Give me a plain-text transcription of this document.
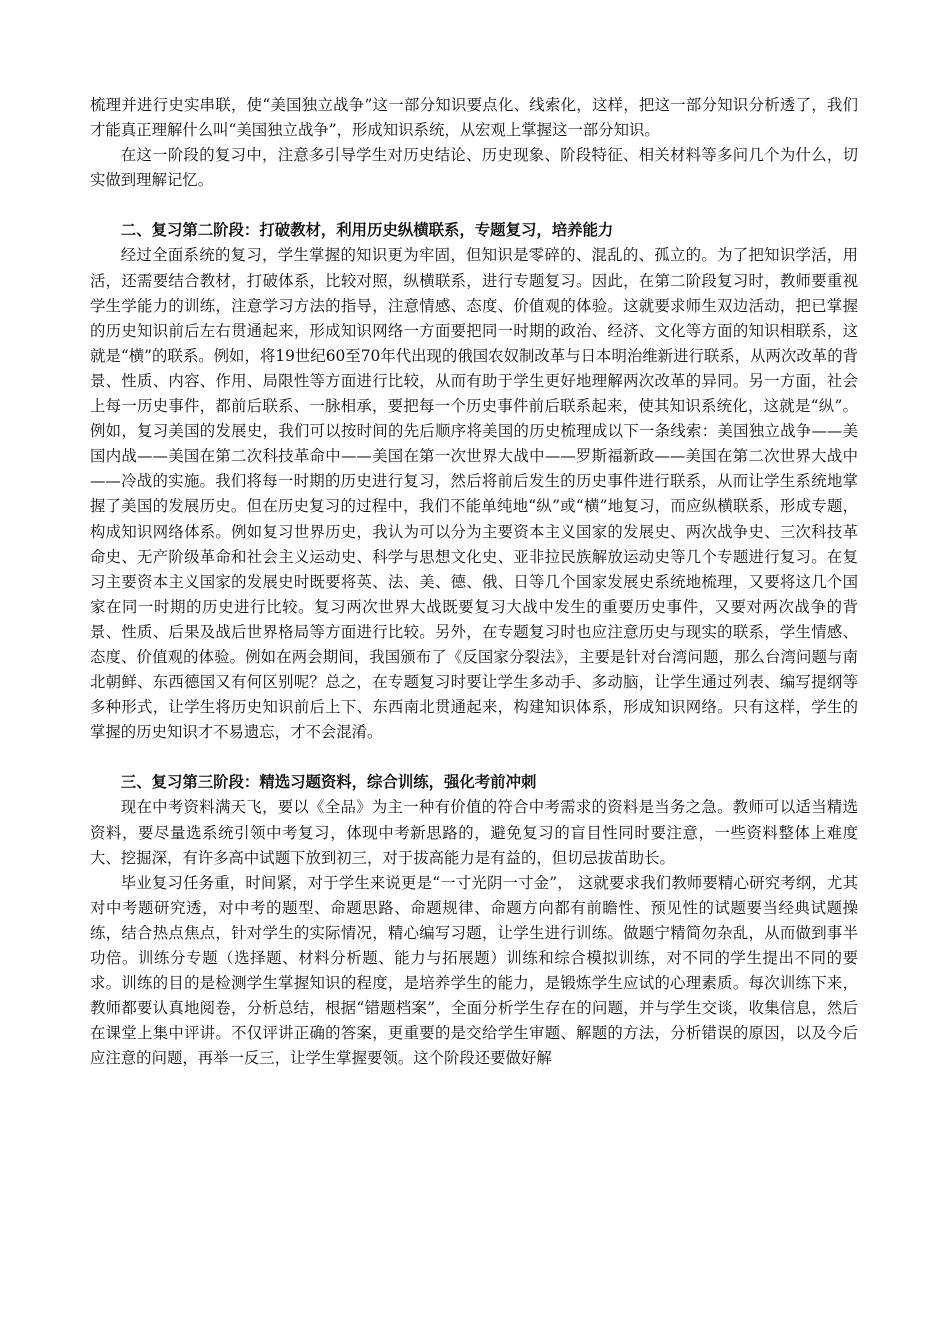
梳理并进行史实串联，使“美国独立战争”这一部分知识要点化、线索化，这样，把这一部分知识分析透了，我们才能真正理解什么叫“美国独立战争”，形成知识系统，从宏观上掌握这一部分知识。

在这一阶段的复习中，注意多引导学生对历史结论、历史现象、阶段特征、相关材料等多问几个为什么，切实做到理解记忆。

二、复习第二阶段：打破教材，利用历史纵横联系，专题复习，培养能力

经过全面系统的复习，学生掌握的知识更为牢固，但知识是零碎的、混乱的、孤立的。为了把知识学活，用活，还需要结合教材，打破体系，比较对照，纵横联系，进行专题复习。因此，在第二阶段复习时，教师要重视学生学能力的训练，注意学习方法的指导，注意情感、态度、价值观的体验。这就要求师生双边活动，把已掌握的历史知识前后左右贯通起来，形成知识网络一方面要把同一时期的政治、经济、文化等方面的知识相联系，这就是“横”的联系。例如，将19世纪60至70年代出现的俄国农奴制改革与日本明治维新进行联系，从两次改革的背景、性质、内容、作用、局限性等方面进行比较，从而有助于学生更好地理解两次改革的异同。另一方面，社会上每一历史事件，都前后联系、一脉相承，要把每一个历史事件前后联系起来，使其知识系统化，这就是“纵”。例如，复习美国的发展史，我们可以按时间的先后顺序将美国的历史梳理成以下一条线索：美国独立战争——美国内战——美国在第二次科技革命中——美国在第一次世界大战中——罗斯福新政——美国在第二次世界大战中——冷战的实施。我们将每一时期的历史进行复习，然后将前后发生的历史事件进行联系，从而让学生系统地掌握了美国的发展历史。但在历史复习的过程中，我们不能单纯地“纵”或“横”地复习，而应纵横联系，形成专题，构成知识网络体系。例如复习世界历史，我认为可以分为主要资本主义国家的发展史、两次战争史、三次科技革命史、无产阶级革命和社会主义运动史、科学与思想文化史、亚非拉民族解放运动史等几个专题进行复习。在复习主要资本主义国家的发展史时既要将英、法、美、德、俄、日等几个国家发展史系统地梳理，又要将这几个国家在同一时期的历史进行比较。复习两次世界大战既要复习大战中发生的重要历史事件，又要对两次战争的背景、性质、后果及战后世界格局等方面进行比较。另外，在专题复习时也应注意历史与现实的联系，学生情感、态度、价值观的体验。例如在两会期间，我国颁布了《反国家分裂法》，主要是针对台湾问题，那么台湾问题与南北朝鲜、东西德国又有何区别呢？总之，在专题复习时要让学生多动手、多动脑，让学生通过列表、编写提纲等多种形式，让学生将历史知识前后上下、东西南北贯通起来，构建知识体系，形成知识网络。只有这样，学生的掌握的历史知识才不易遗忘，才不会混淆。

三、复习第三阶段：精选习题资料，综合训练，强化考前冲刺

现在中考资料满天飞，要以《全品》为主一种有价值的符合中考需求的资料是当务之急。教师可以适当精选资料，要尽量选系统引领中考复习，体现中考新思路的，避免复习的盲目性同时要注意，一些资料整体上难度大、挖掘深，有许多高中试题下放到初三，对于拔高能力是有益的，但切忌拔苗助长。

毕业复习任务重，时间紧，对于学生来说更是“一寸光阴一寸金”， 这就要求我们教师要精心研究考纲，尤其对中考题研究透，对中考的题型、命题思路、命题规律、命题方向都有前瞻性、预见性的试题要当经典试题操练，结合热点焦点，针对学生的实际情况，精心编写习题，让学生进行训练。做题宁精简勿杂乱，从而做到事半功倍。训练分专题（选择题、材料分析题、能力与拓展题）训练和综合模拟训练，对不同的学生提出不同的要求。训练的目的是检测学生掌握知识的程度，是培养学生的能力，是锻炼学生应试的心理素质。每次训练下来，教师都要认真地阅卷，分析总结，根据“错题档案”，全面分析学生存在的问题，并与学生交谈，收集信息，然后在课堂上集中评讲。不仅评讲正确的答案，更重要的是交给学生审题、解题的方法，分析错误的原因，以及今后应注意的问题，再举一反三，让学生掌握要领。这个阶段还要做好解
